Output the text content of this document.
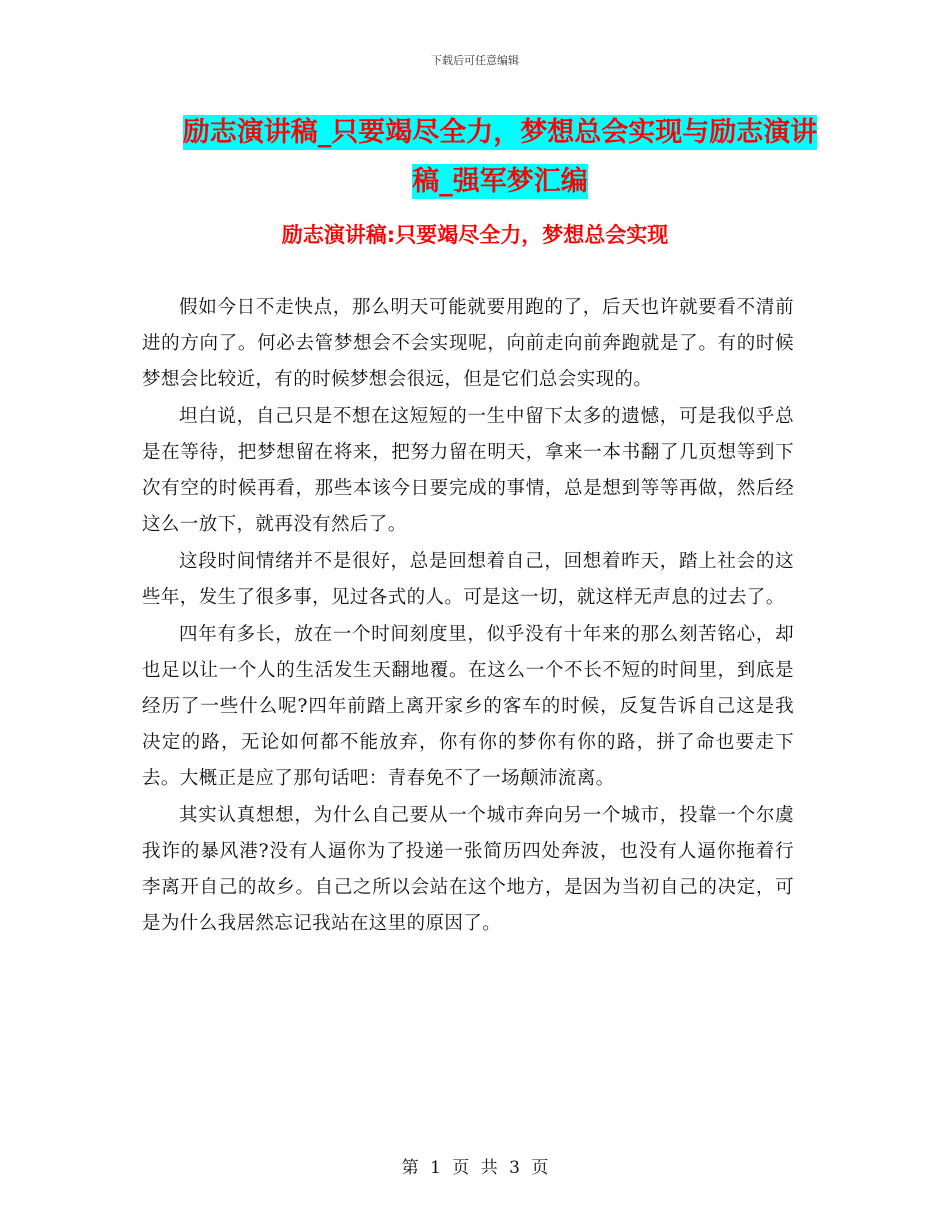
下载后可任意编辑
励志演讲稿_只要竭尽全力，梦想总会实现与励志演讲
稿_强军梦汇编
励志演讲稿:只要竭尽全力，梦想总会实现

假如今日不走快点，那么明天可能就要用跑的了，后天也许就要看不清前进的方向了。何必去管梦想会不会实现呢，向前走向前奔跑就是了。有的时候梦想会比较近，有的时候梦想会很远，但是它们总会实现的。

坦白说，自己只是不想在这短短的一生中留下太多的遗憾，可是我似乎总是在等待，把梦想留在将来，把努力留在明天，拿来一本书翻了几页想等到下次有空的时候再看，那些本该今日要完成的事情，总是想到等等再做，然后经这么一放下，就再没有然后了。

这段时间情绪并不是很好，总是回想着自己，回想着昨天，踏上社会的这些年，发生了很多事，见过各式的人。可是这一切，就这样无声息的过去了。

四年有多长，放在一个时间刻度里，似乎没有十年来的那么刻苦铭心，却也足以让一个人的生活发生天翻地覆。在这么一个不长不短的时间里，到底是经历了一些什么呢?四年前踏上离开家乡的客车的时候，反复告诉自己这是我决定的路，无论如何都不能放弃，你有你的梦你有你的路，拼了命也要走下去。大概正是应了那句话吧：青春免不了一场颠沛流离。

其实认真想想，为什么自己要从一个城市奔向另一个城市，投靠一个尔虞我诈的暴风港?没有人逼你为了投递一张简历四处奔波，也没有人逼你拖着行李离开自己的故乡。自己之所以会站在这个地方，是因为当初自己的决定，可是为什么我居然忘记我站在这里的原因了。

第 1 页 共 3 页
